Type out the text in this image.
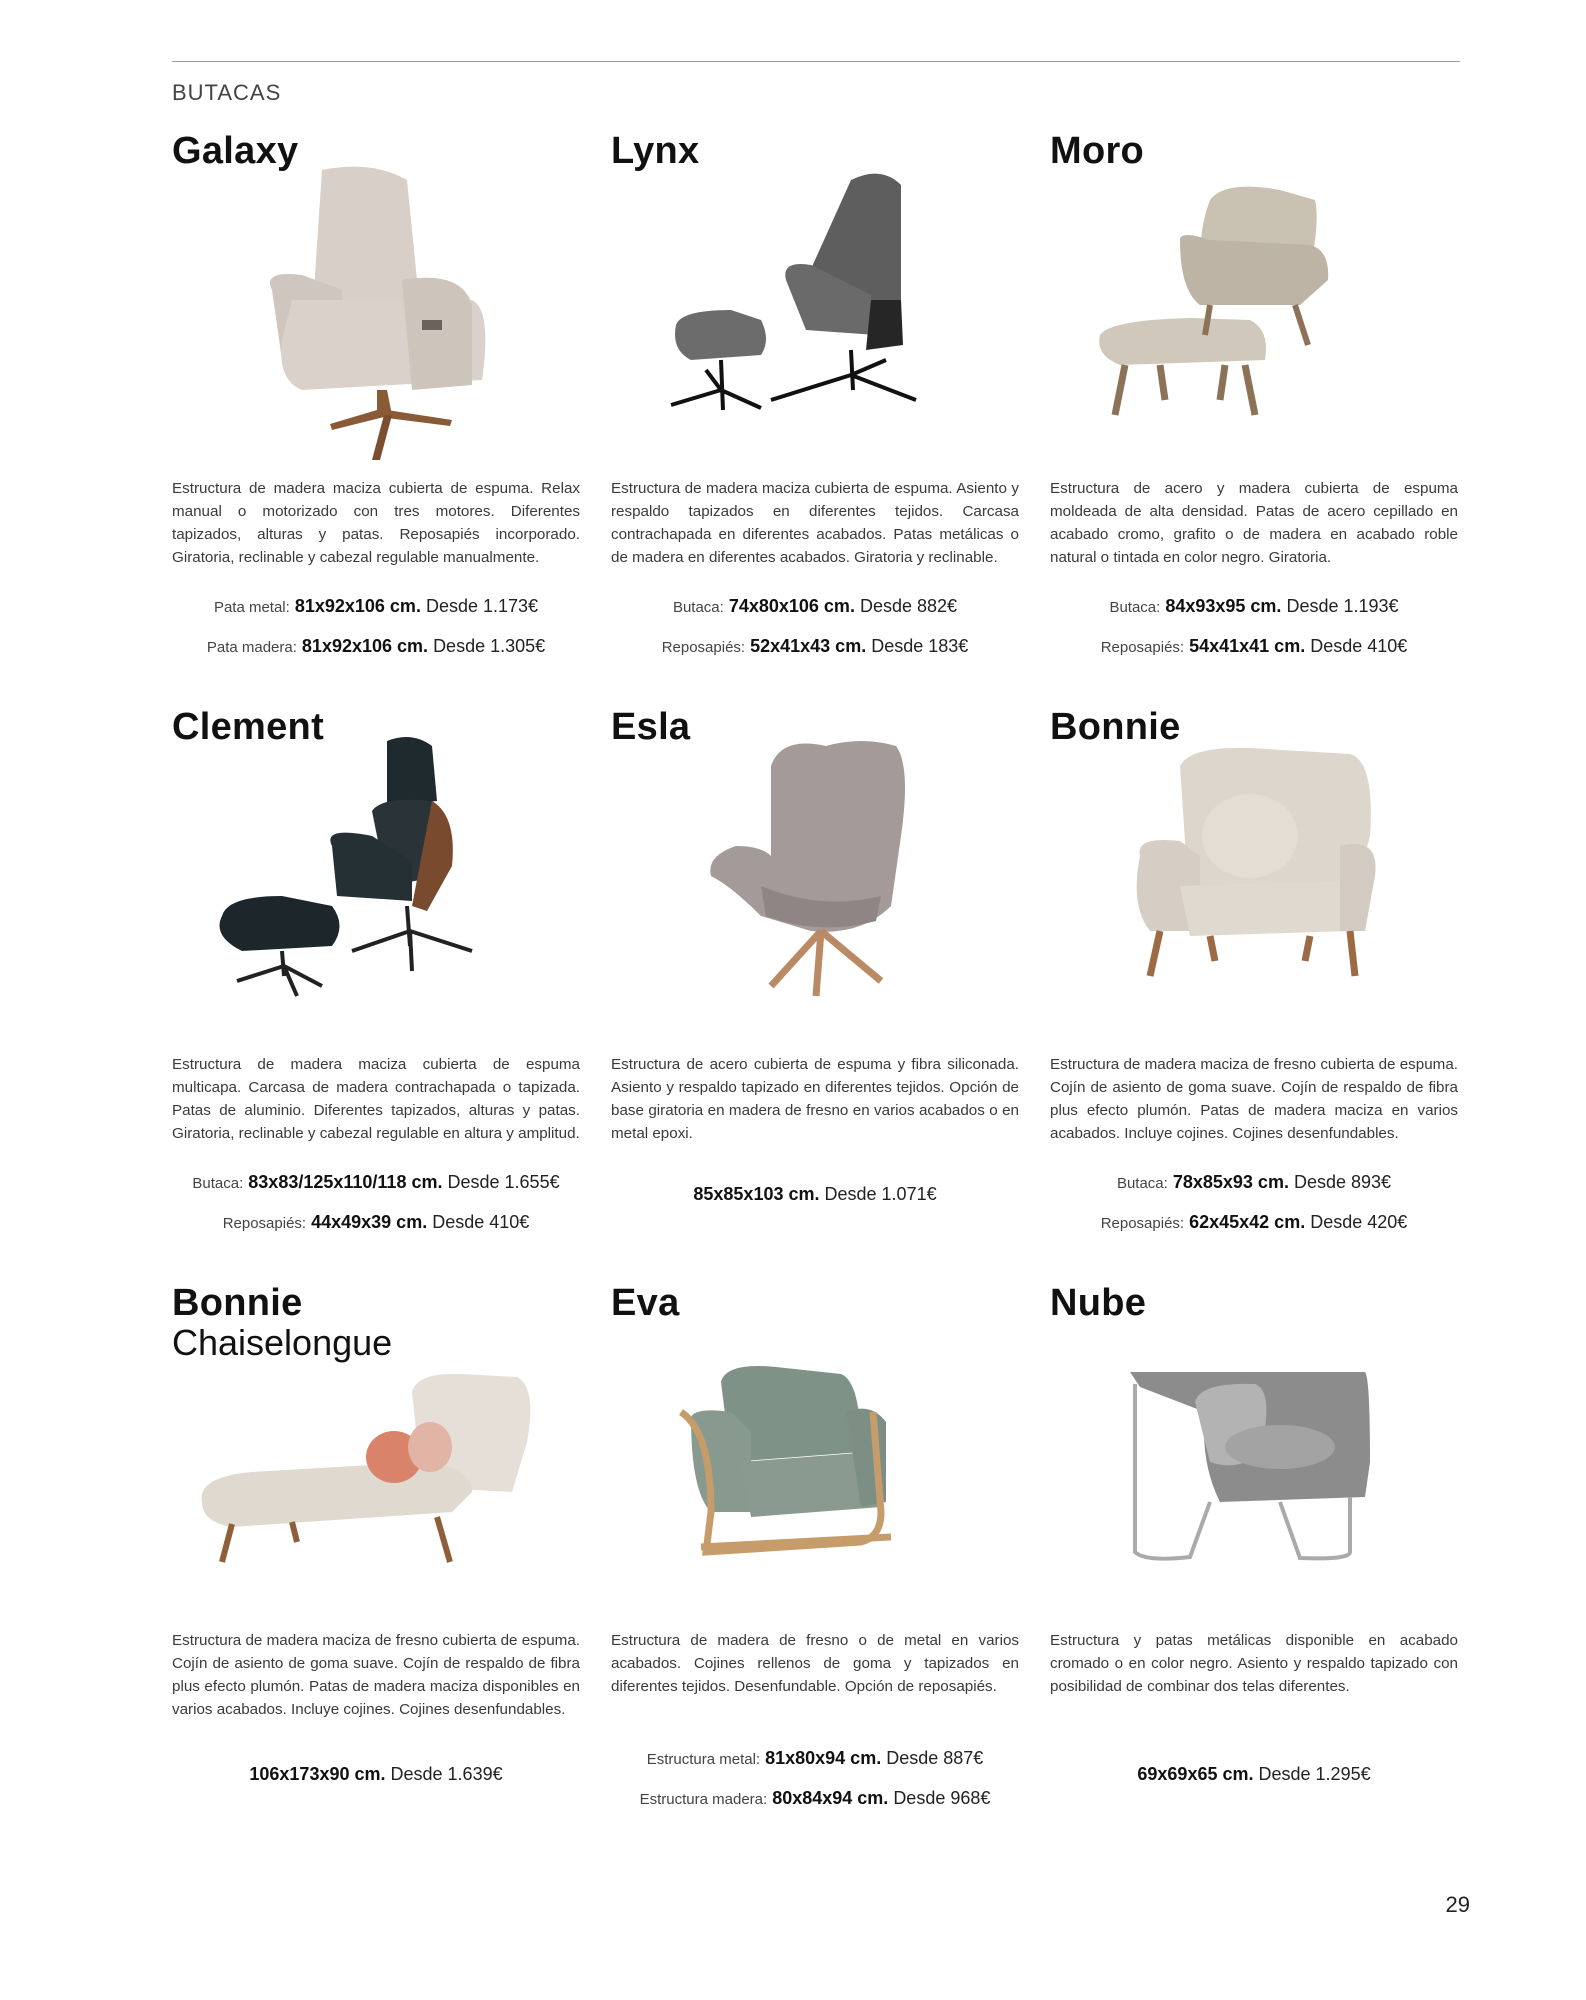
BUTACAS
Galaxy

Estructura de madera maciza cubierta de espuma. Relax manual o motorizado con tres motores. Diferentes tapizados, alturas y patas. Reposapiés incorporado. Giratoria, reclinable y cabezal regulable manualmente.

Pata metal: 81x92x106 cm. Desde 1.173€
Pata madera: 81x92x106 cm. Desde 1.305€
Lynx

Estructura de madera maciza cubierta de espuma. Asiento y respaldo tapizados en diferentes tejidos. Carcasa contrachapada en diferentes acabados. Patas metálicas o de madera en diferentes acabados. Giratoria y reclinable.

Butaca: 74x80x106 cm. Desde 882€
Reposapiés: 52x41x43 cm. Desde 183€
Moro

Estructura de acero y madera cubierta de espuma moldeada de alta densidad. Patas de acero cepillado en acabado cromo, grafito o de madera en acabado roble natural o tintada en color negro. Giratoria.

Butaca: 84x93x95 cm. Desde 1.193€
Reposapiés: 54x41x41 cm. Desde 410€
Clement

Estructura de madera maciza cubierta de espuma multicapa. Carcasa de madera contrachapada o tapizada. Patas de aluminio. Diferentes tapizados, alturas y patas. Giratoria, reclinable y cabezal regulable en altura y amplitud.

Butaca: 83x83/125x110/118 cm. Desde 1.655€
Reposapiés: 44x49x39 cm. Desde 410€
Esla

Estructura de acero cubierta de espuma y fibra siliconada. Asiento y respaldo tapizado en diferentes tejidos. Opción de base giratoria en madera de fresno en varios acabados o en metal epoxi.

85x85x103 cm. Desde 1.071€
Bonnie

Estructura de madera maciza de fresno cubierta de espuma. Cojín de asiento de goma suave. Cojín de respaldo de fibra plus efecto plumón. Patas de madera maciza en varios acabados. Incluye cojines. Cojines desenfundables.

Butaca: 78x85x93 cm. Desde 893€
Reposapiés: 62x45x42 cm. Desde 420€
Bonnie
Chaiselongue

Estructura de madera maciza de fresno cubierta de espuma. Cojín de asiento de goma suave. Cojín de respaldo de fibra plus efecto plumón. Patas de madera maciza disponibles en varios acabados. Incluye cojines. Cojines desenfundables.

106x173x90 cm. Desde 1.639€
Eva

Estructura de madera de fresno o de metal en varios acabados. Cojines rellenos de goma y tapizados en diferentes tejidos. Desenfundable. Opción de reposapiés.

Estructura metal: 81x80x94 cm. Desde 887€
Estructura madera: 80x84x94 cm. Desde 968€
Nube

Estructura y patas metálicas disponible en acabado cromado o en color negro. Asiento y respaldo tapizado con posibilidad de combinar dos telas diferentes.

69x69x65 cm. Desde 1.295€
29
